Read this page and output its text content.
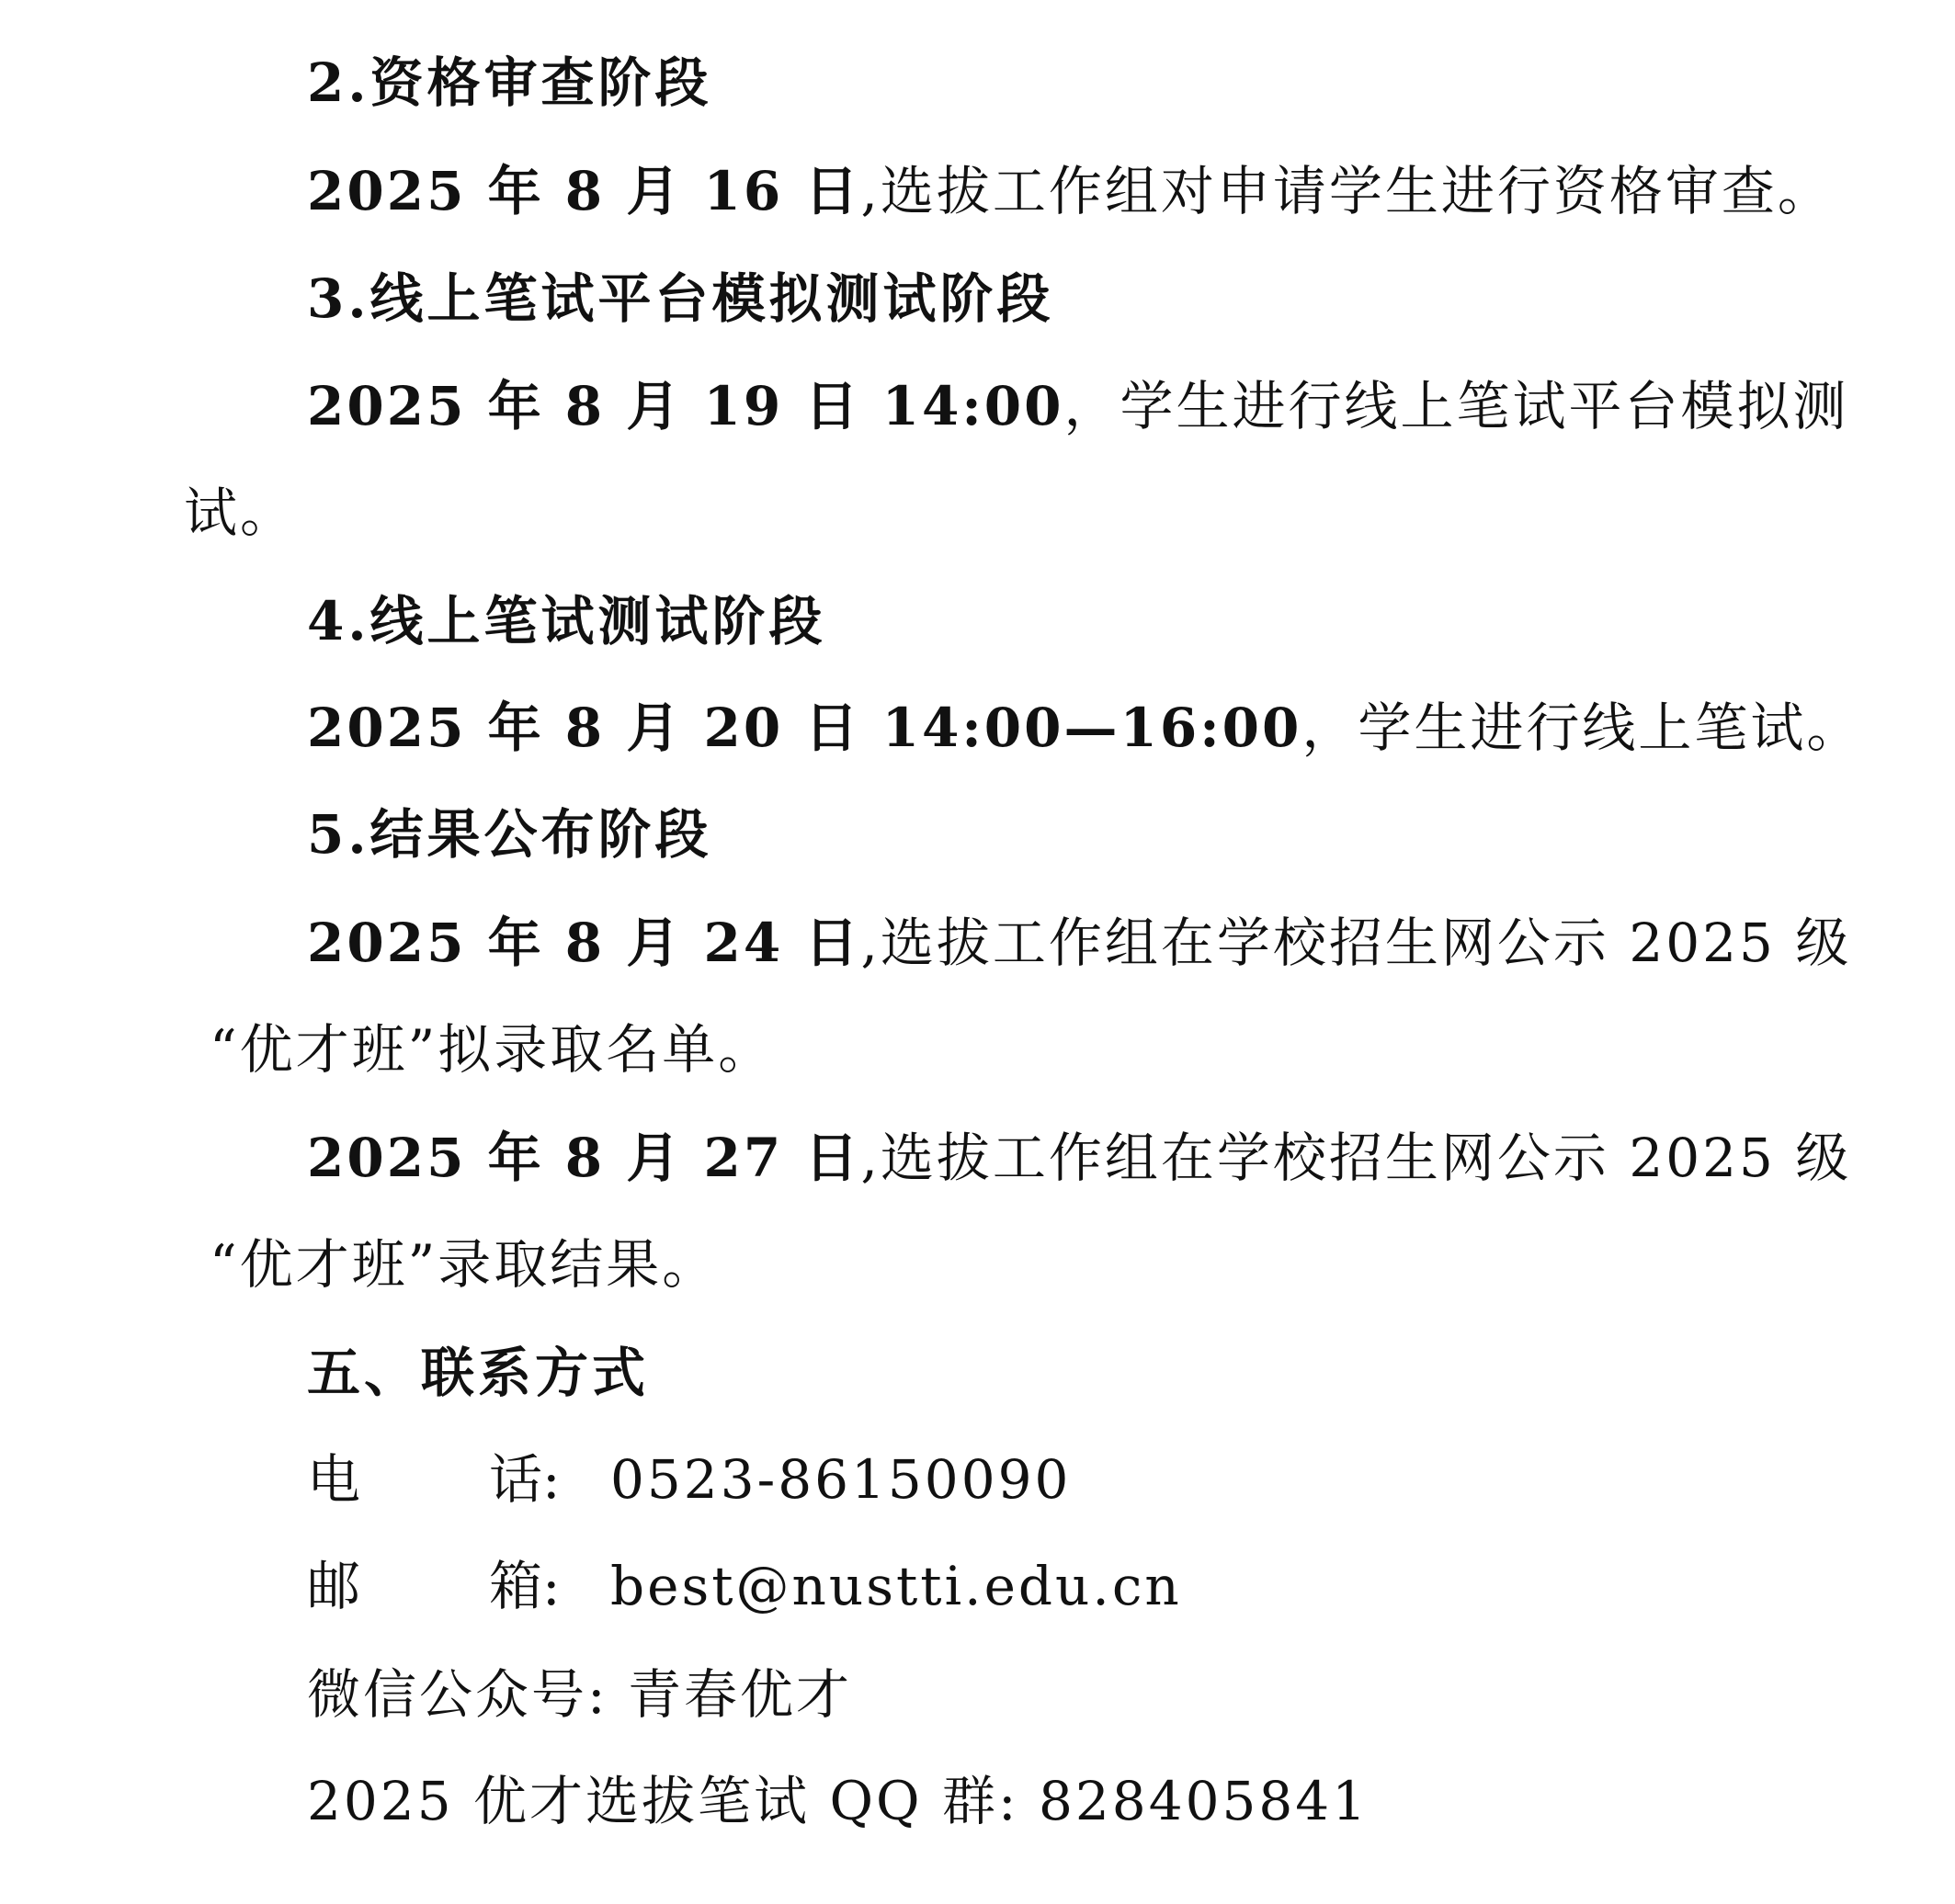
2.资格审查阶段
2025 年 8 月 16 日,选拔工作组对申请学生进行资格审查。
3.线上笔试平台模拟测试阶段
2025 年 8 月 19 日 14:00，学生进行线上笔试平台模拟测
试。
4.线上笔试测试阶段
2025 年 8 月 20 日 14:00—16:00，学生进行线上笔试。
5.结果公布阶段
2025 年 8 月 24 日,选拔工作组在学校招生网公示 2025 级
“优才班”拟录取名单。
2025 年 8 月 27 日,选拔工作组在学校招生网公示 2025 级
“优才班”录取结果。
五、联系方式
电 话: 0523-86150090
邮 箱: best@nustti.edu.cn
微信公众号: 青春优才
2025 优才选拔笔试 QQ 群: 828405841
